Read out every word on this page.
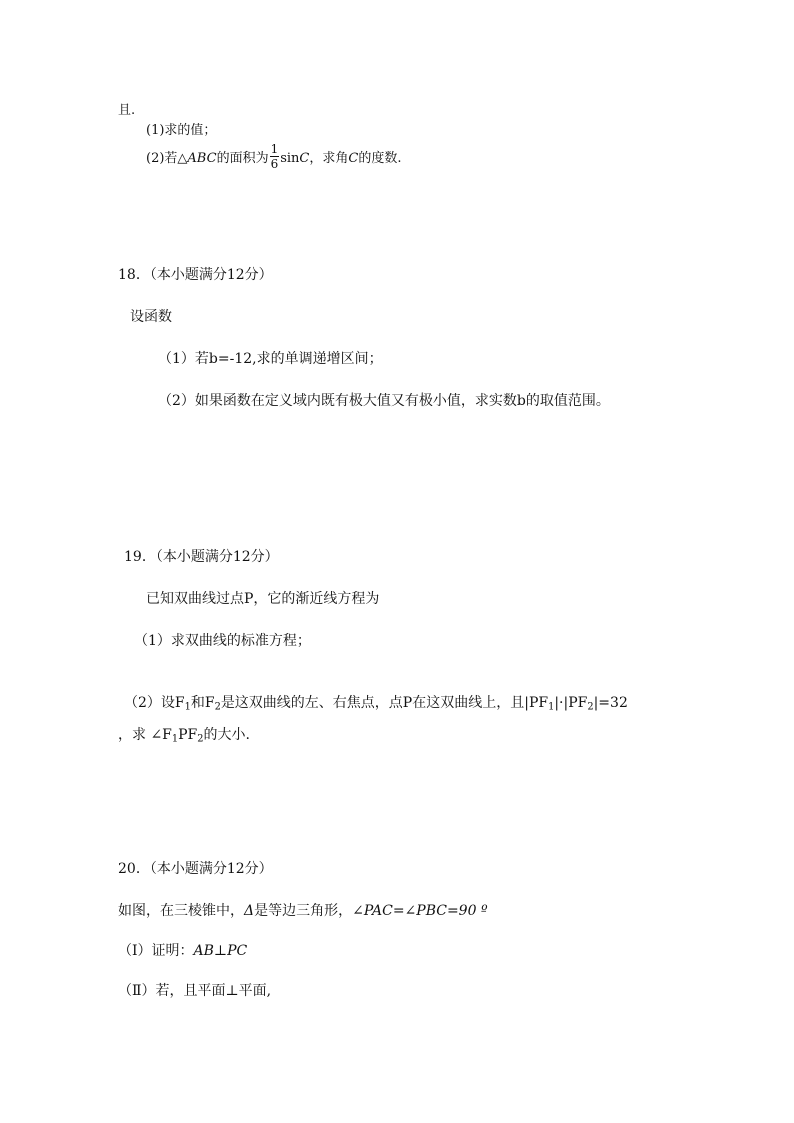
且.
(1)求的值；
(2)若△ABC的面积为 $\frac{1}{6}$ sinC，求角C的度数.
18．（本小题满分12分）
设函数
（1）若b=-12,求的单调递增区间；
（2）如果函数在定义域内既有极大值又有极小值，求实数b的取值范围。
19．（本小题满分12分）
已知双曲线过点P，它的渐近线方程为
（1）求双曲线的标准方程；
（2）设$F_1$和$F_2$是这双曲线的左、右焦点，点P在这双曲线上，且$|PF_1|\cdot|PF_2|=32$
，求 $\angle F_1PF_2$的大小.
20．（本小题满分12分）
如图，在三棱锥中，Δ是等边三角形，∠PAC=∠PBC=90 º
（Ⅰ）证明：AB⊥PC
（Ⅱ）若，且平面⊥平面,
